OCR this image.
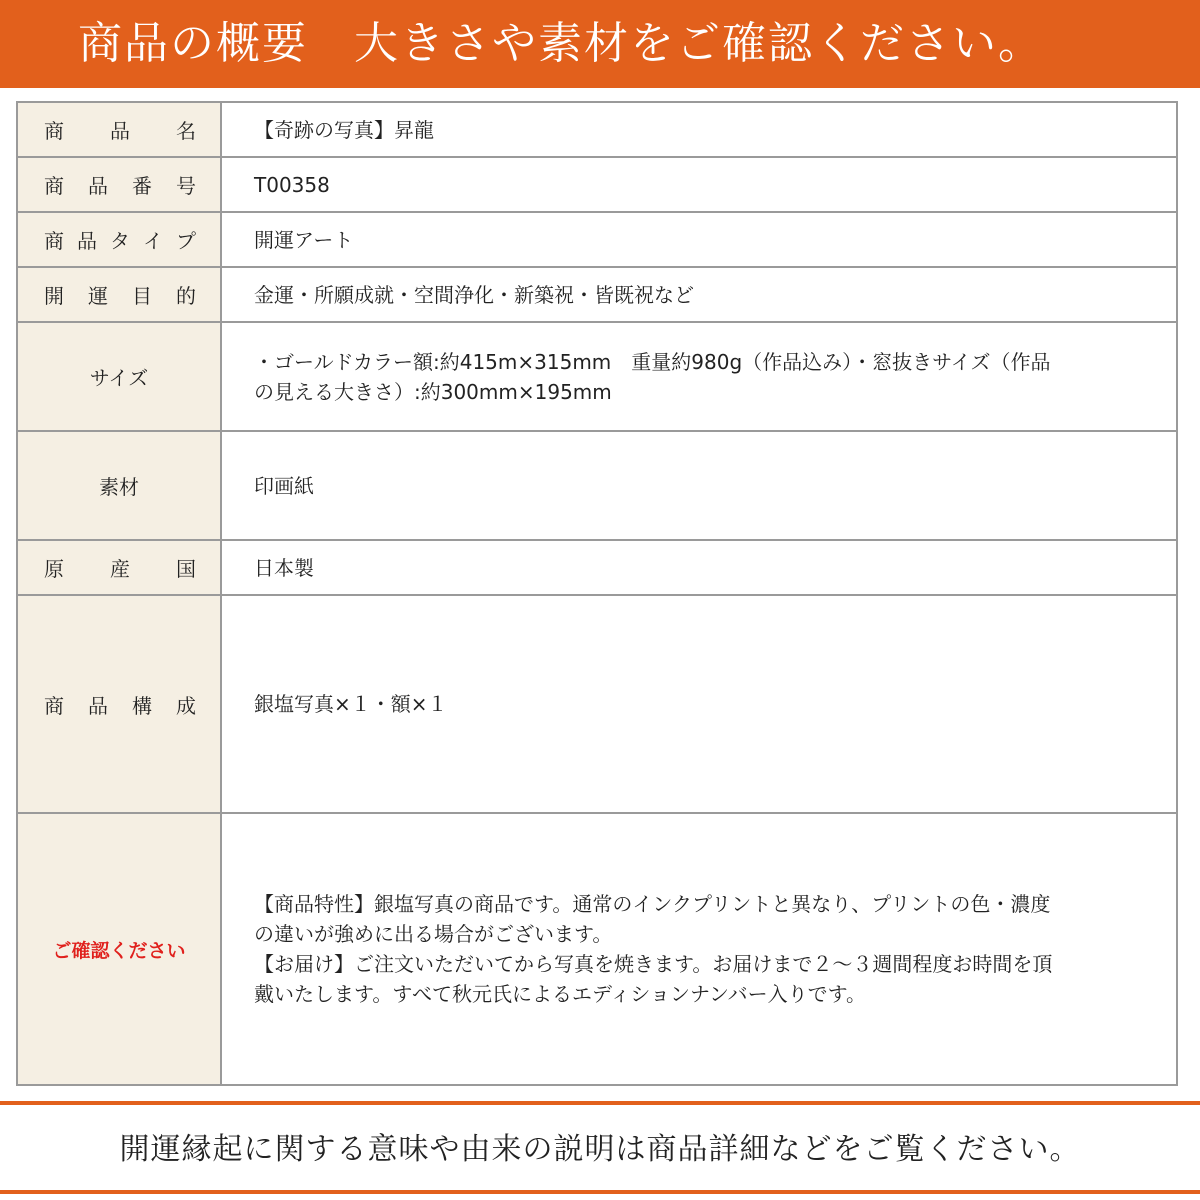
商品の概要　大きさや素材をご確認ください。
商 品 名	【奇跡の写真】昇龍

商 品 番 号	T00358

商 品 タ イ プ	開運アート

開 運 目 的	金運・所願成就・空間浄化・新築祝・皆既祝など

サイズ	・ゴールドカラー額:約415m×315mm　重量約980g（作品込み）・窓抜きサイズ（作品
の見える大きさ）:約300mm×195mm

素材	印画紙

原 産 国	日本製

商 品 構 成	銀塩写真×１・額×１

ご確認ください	【商品特性】銀塩写真の商品です。通常のインクプリントと異なり、プリントの色・濃度
の違いが強めに出る場合がございます。
【お届け】ご注文いただいてから写真を焼きます。お届けまで２〜３週間程度お時間を頂
戴いたします。すべて秋元氏によるエディションナンバー入りです。
開運縁起に関する意味や由来の説明は商品詳細などをご覧ください。
